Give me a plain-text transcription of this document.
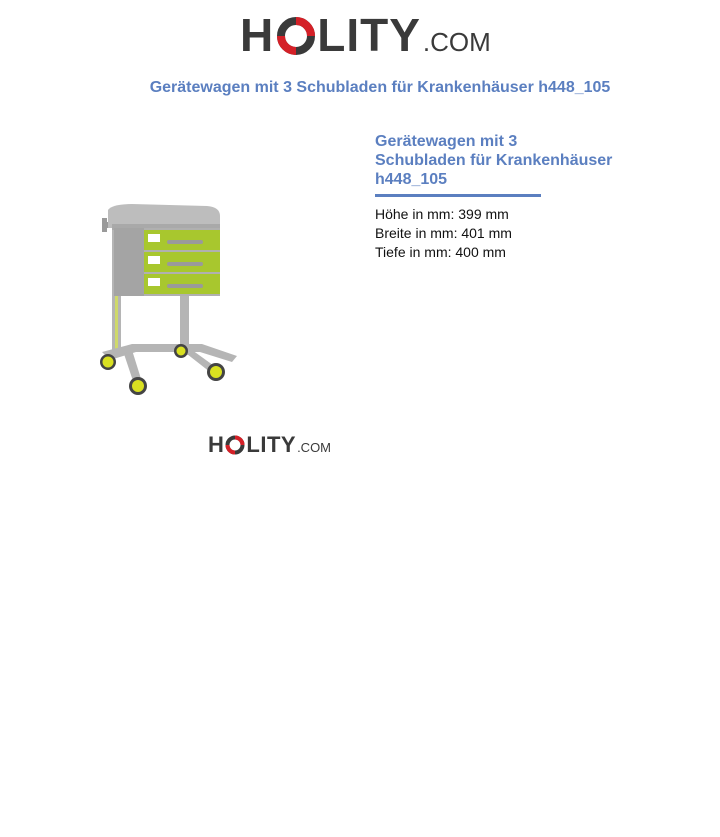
H LITY .COM
Gerätewagen mit 3 Schubladen für Krankenhäuser h448_105
Gerätewagen mit 3
Schubladen für Krankenhäuser
h448_105
Höhe in mm: 399 mm
Breite in mm: 401 mm
Tiefe in mm: 400 mm
H LITY .COM
